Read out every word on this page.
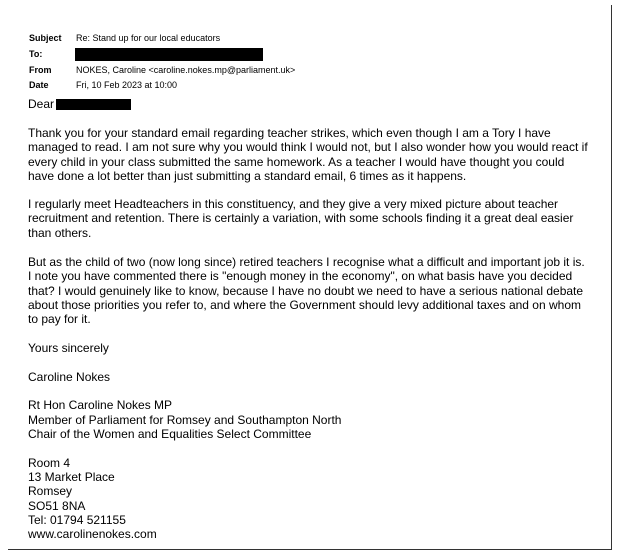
Subject Re: Stand up for our local educators
To:
From	NOKES, Caroline <caroline.nokes.mp@parliament.uk>
Date	Fri, 10 Feb 2023 at 10:00
Dear

Thank you for your standard email regarding teacher strikes, which even though I am a Tory I have managed to read. I am not sure why you would think I would not, but I also wonder how you would react if every child in your class submitted the same homework. As a teacher I would have thought you could have done a lot better than just submitting a standard email, 6 times as it happens.

I regularly meet Headteachers in this constituency, and they give a very mixed picture about teacher recruitment and retention. There is certainly a variation, with some schools finding it a great deal easier than others.

But as the child of two (now long since) retired teachers I recognise what a difficult and important job it is. I note you have commented there is "enough money in the economy", on what basis have you decided that? I would genuinely like to know, because I have no doubt we need to have a serious national debate about those priorities you refer to, and where the Government should levy additional taxes and on whom to pay for it.

Yours sincerely
Caroline Nokes
Rt Hon Caroline Nokes MP
Member of Parliament for Romsey and Southampton North
Chair of the Women and Equalities Select Committee
Room 4
13 Market Place
Romsey
SO51 8NA
Tel: 01794 521155
www.carolinenokes.com
